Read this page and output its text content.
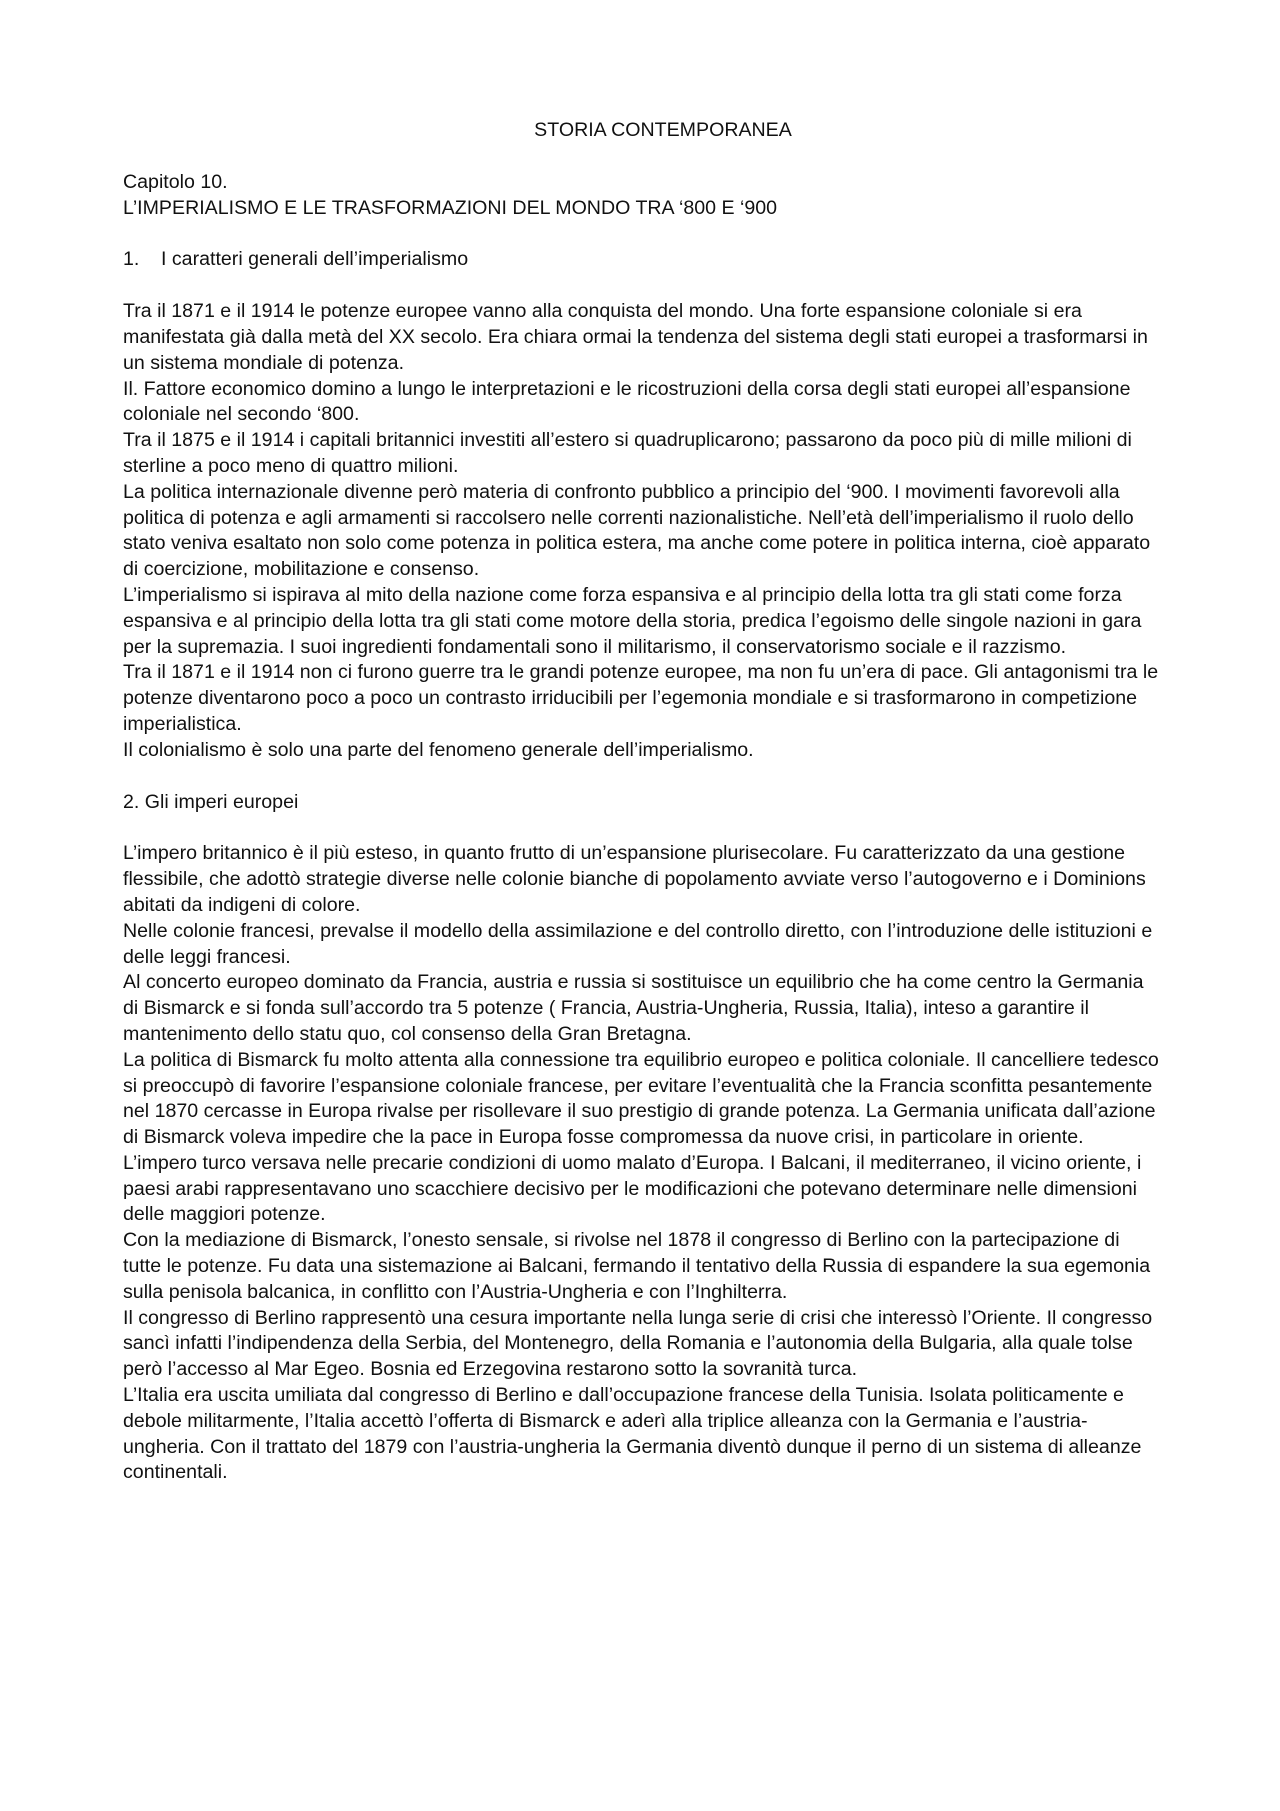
STORIA CONTEMPORANEA
Capitolo 10.
L’IMPERIALISMO E LE TRASFORMAZIONI DEL MONDO TRA ‘800 E ‘900
1. I caratteri generali dell’imperialismo

Tra il 1871 e il 1914 le potenze europee vanno alla conquista del mondo. Una forte espansione coloniale si era manifestata già dalla metà del XX secolo. Era chiara ormai la tendenza del sistema degli stati europei a trasformarsi in un sistema mondiale di potenza.

Il. Fattore economico domino a lungo le interpretazioni e le ricostruzioni della corsa degli stati europei all’espansione coloniale nel secondo ‘800.

Tra il 1875 e il 1914 i capitali britannici investiti all’estero si quadruplicarono; passarono da poco più di mille milioni di sterline a poco meno di quattro milioni.

La politica internazionale divenne però materia di confronto pubblico a principio del ‘900. I movimenti favorevoli alla politica di potenza e agli armamenti si raccolsero nelle correnti nazionalistiche. Nell’età dell’imperialismo il ruolo dello stato veniva esaltato non solo come potenza in politica estera, ma anche come potere in politica interna, cioè apparato di coercizione, mobilitazione e consenso.

L’imperialismo si ispirava al mito della nazione come forza espansiva e al principio della lotta tra gli stati come forza espansiva e al principio della lotta tra gli stati come motore della storia, predica l’egoismo delle singole nazioni in gara per la supremazia. I suoi ingredienti fondamentali sono il militarismo, il conservatorismo sociale e il razzismo.

Tra il 1871 e il 1914 non ci furono guerre tra le grandi potenze europee, ma non fu un’era di pace. Gli antagonismi tra le potenze diventarono poco a poco un contrasto irriducibili per l’egemonia mondiale e si trasformarono in competizione imperialistica.

Il colonialismo è solo una parte del fenomeno generale dell’imperialismo.

2. Gli imperi europei

L’impero britannico è il più esteso, in quanto frutto di un’espansione plurisecolare. Fu caratterizzato da una gestione flessibile, che adottò strategie diverse nelle colonie bianche di popolamento avviate verso l’autogoverno e i Dominions abitati da indigeni di colore.

Nelle colonie francesi, prevalse il modello della assimilazione e del controllo diretto, con l’introduzione delle istituzioni e delle leggi francesi.

Al concerto europeo dominato da Francia, austria e russia si sostituisce un equilibrio che ha come centro la Germania di Bismarck e si fonda sull’accordo tra 5 potenze ( Francia, Austria-Ungheria, Russia, Italia), inteso a garantire il mantenimento dello statu quo, col consenso della Gran Bretagna.

La politica di Bismarck fu molto attenta alla connessione tra equilibrio europeo e politica coloniale. Il cancelliere tedesco si preoccupò di favorire l’espansione coloniale francese, per evitare l’eventualità che la Francia sconfitta pesantemente nel 1870 cercasse in Europa rivalse per risollevare il suo prestigio di grande potenza. La Germania unificata dall’azione di Bismarck voleva impedire che la pace in Europa fosse compromessa da nuove crisi, in particolare in oriente.

L’impero turco versava nelle precarie condizioni di uomo malato d’Europa. I Balcani, il mediterraneo, il vicino oriente, i paesi arabi rappresentavano uno scacchiere decisivo per le modificazioni che potevano determinare nelle dimensioni delle maggiori potenze.

Con la mediazione di Bismarck, l’onesto sensale, si rivolse nel 1878 il congresso di Berlino con la partecipazione di tutte le potenze. Fu data una sistemazione ai Balcani, fermando il tentativo della Russia di espandere la sua egemonia sulla penisola balcanica, in conflitto con l’Austria-Ungheria e con l’Inghilterra.

Il congresso di Berlino rappresentò una cesura importante nella lunga serie di crisi che interessò l’Oriente. Il congresso sancì infatti l’indipendenza della Serbia, del Montenegro, della Romania e l’autonomia della Bulgaria, alla quale tolse però l’accesso al Mar Egeo. Bosnia ed Erzegovina restarono sotto la sovranità turca.

L’Italia era uscita umiliata dal congresso di Berlino e dall’occupazione francese della Tunisia. Isolata politicamente e debole militarmente, l’Italia accettò l’offerta di Bismarck e aderì alla triplice alleanza con la Germania e l’austria-ungheria. Con il trattato del 1879 con l’austria-ungheria la Germania diventò dunque il perno di un sistema di alleanze continentali.
